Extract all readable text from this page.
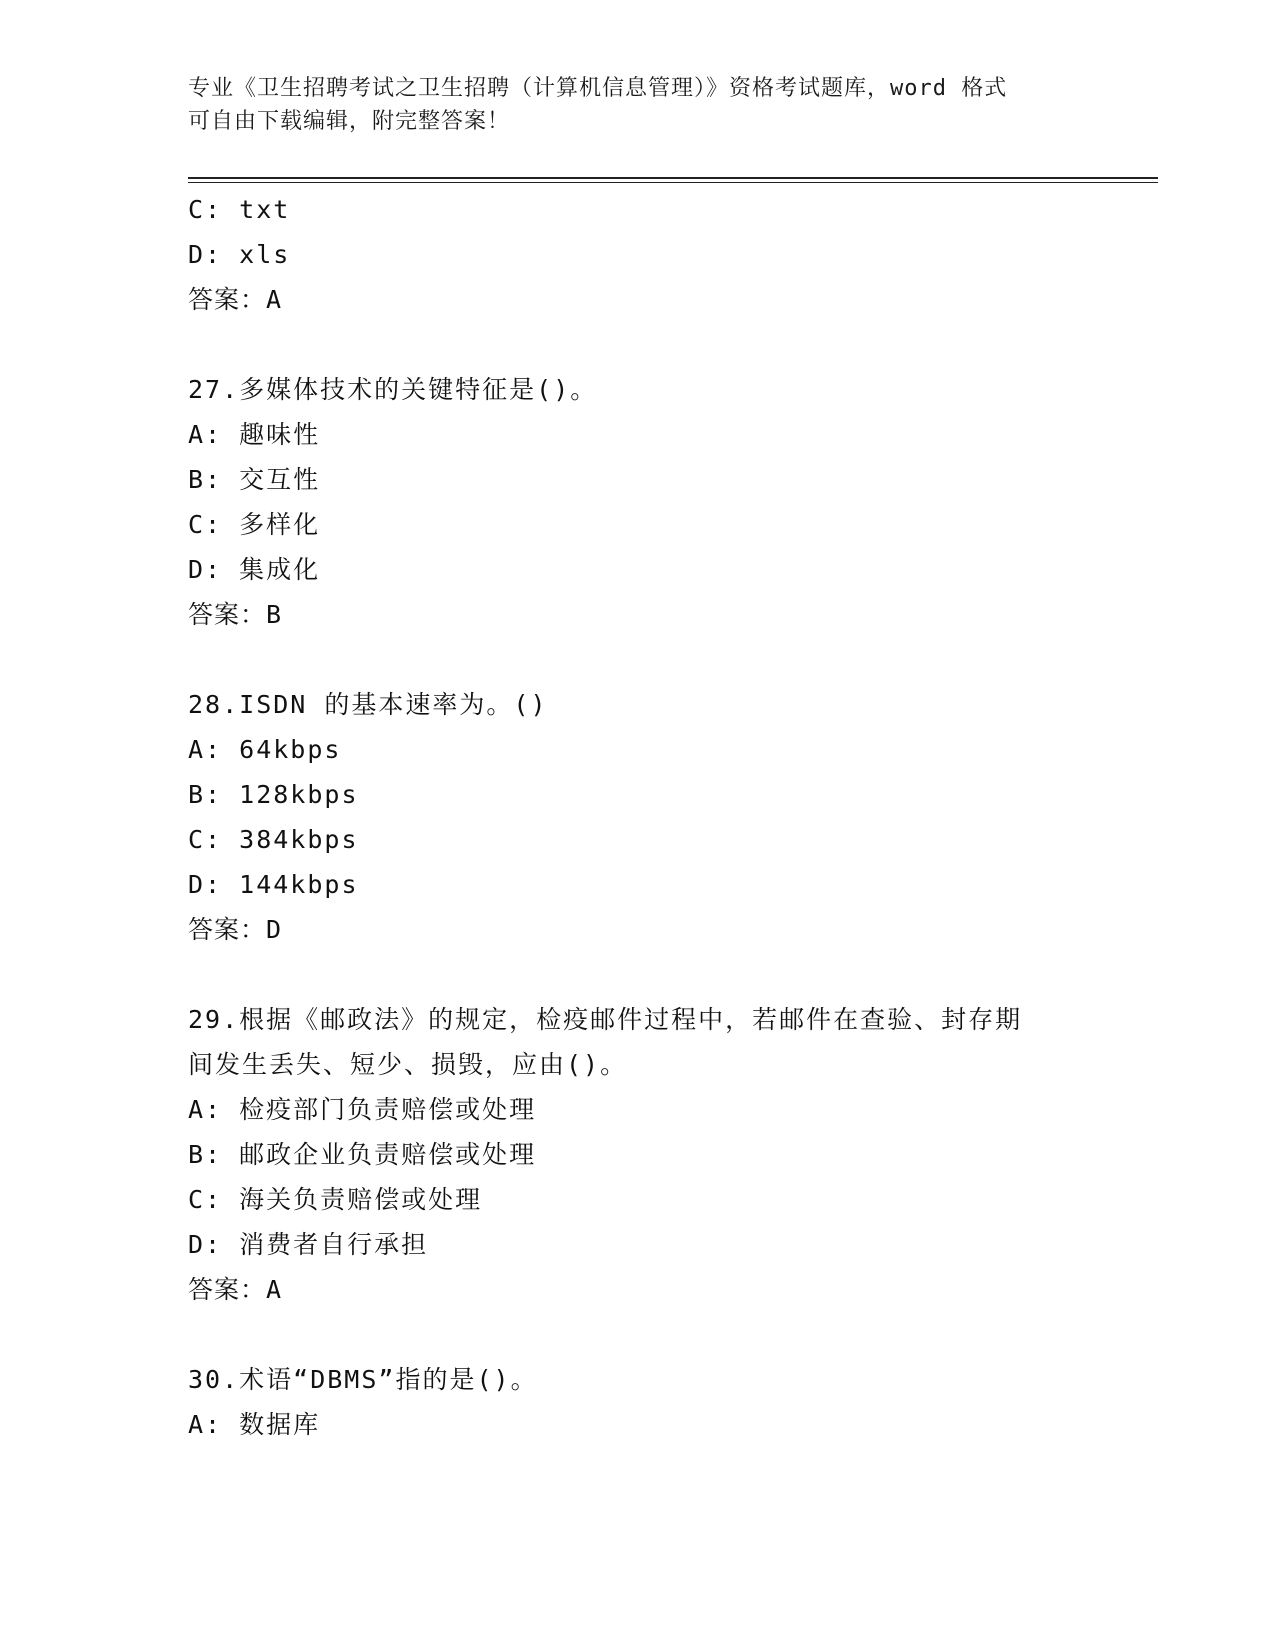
专业《卫生招聘考试之卫生招聘（计算机信息管理）》资格考试题库，word 格式
可自由下载编辑，附完整答案！
C: txt
D: xls
答案：A
27.多媒体技术的关键特征是()。
A: 趣味性
B: 交互性
C: 多样化
D: 集成化
答案：B
28.ISDN 的基本速率为。()
A: 64kbps
B: 128kbps
C: 384kbps
D: 144kbps
答案：D
29.根据《邮政法》的规定，检疫邮件过程中，若邮件在查验、封存期
间发生丢失、短少、损毁，应由()。
A: 检疫部门负责赔偿或处理
B: 邮政企业负责赔偿或处理
C: 海关负责赔偿或处理
D: 消费者自行承担
答案：A
30.术语“DBMS”指的是()。
A: 数据库
